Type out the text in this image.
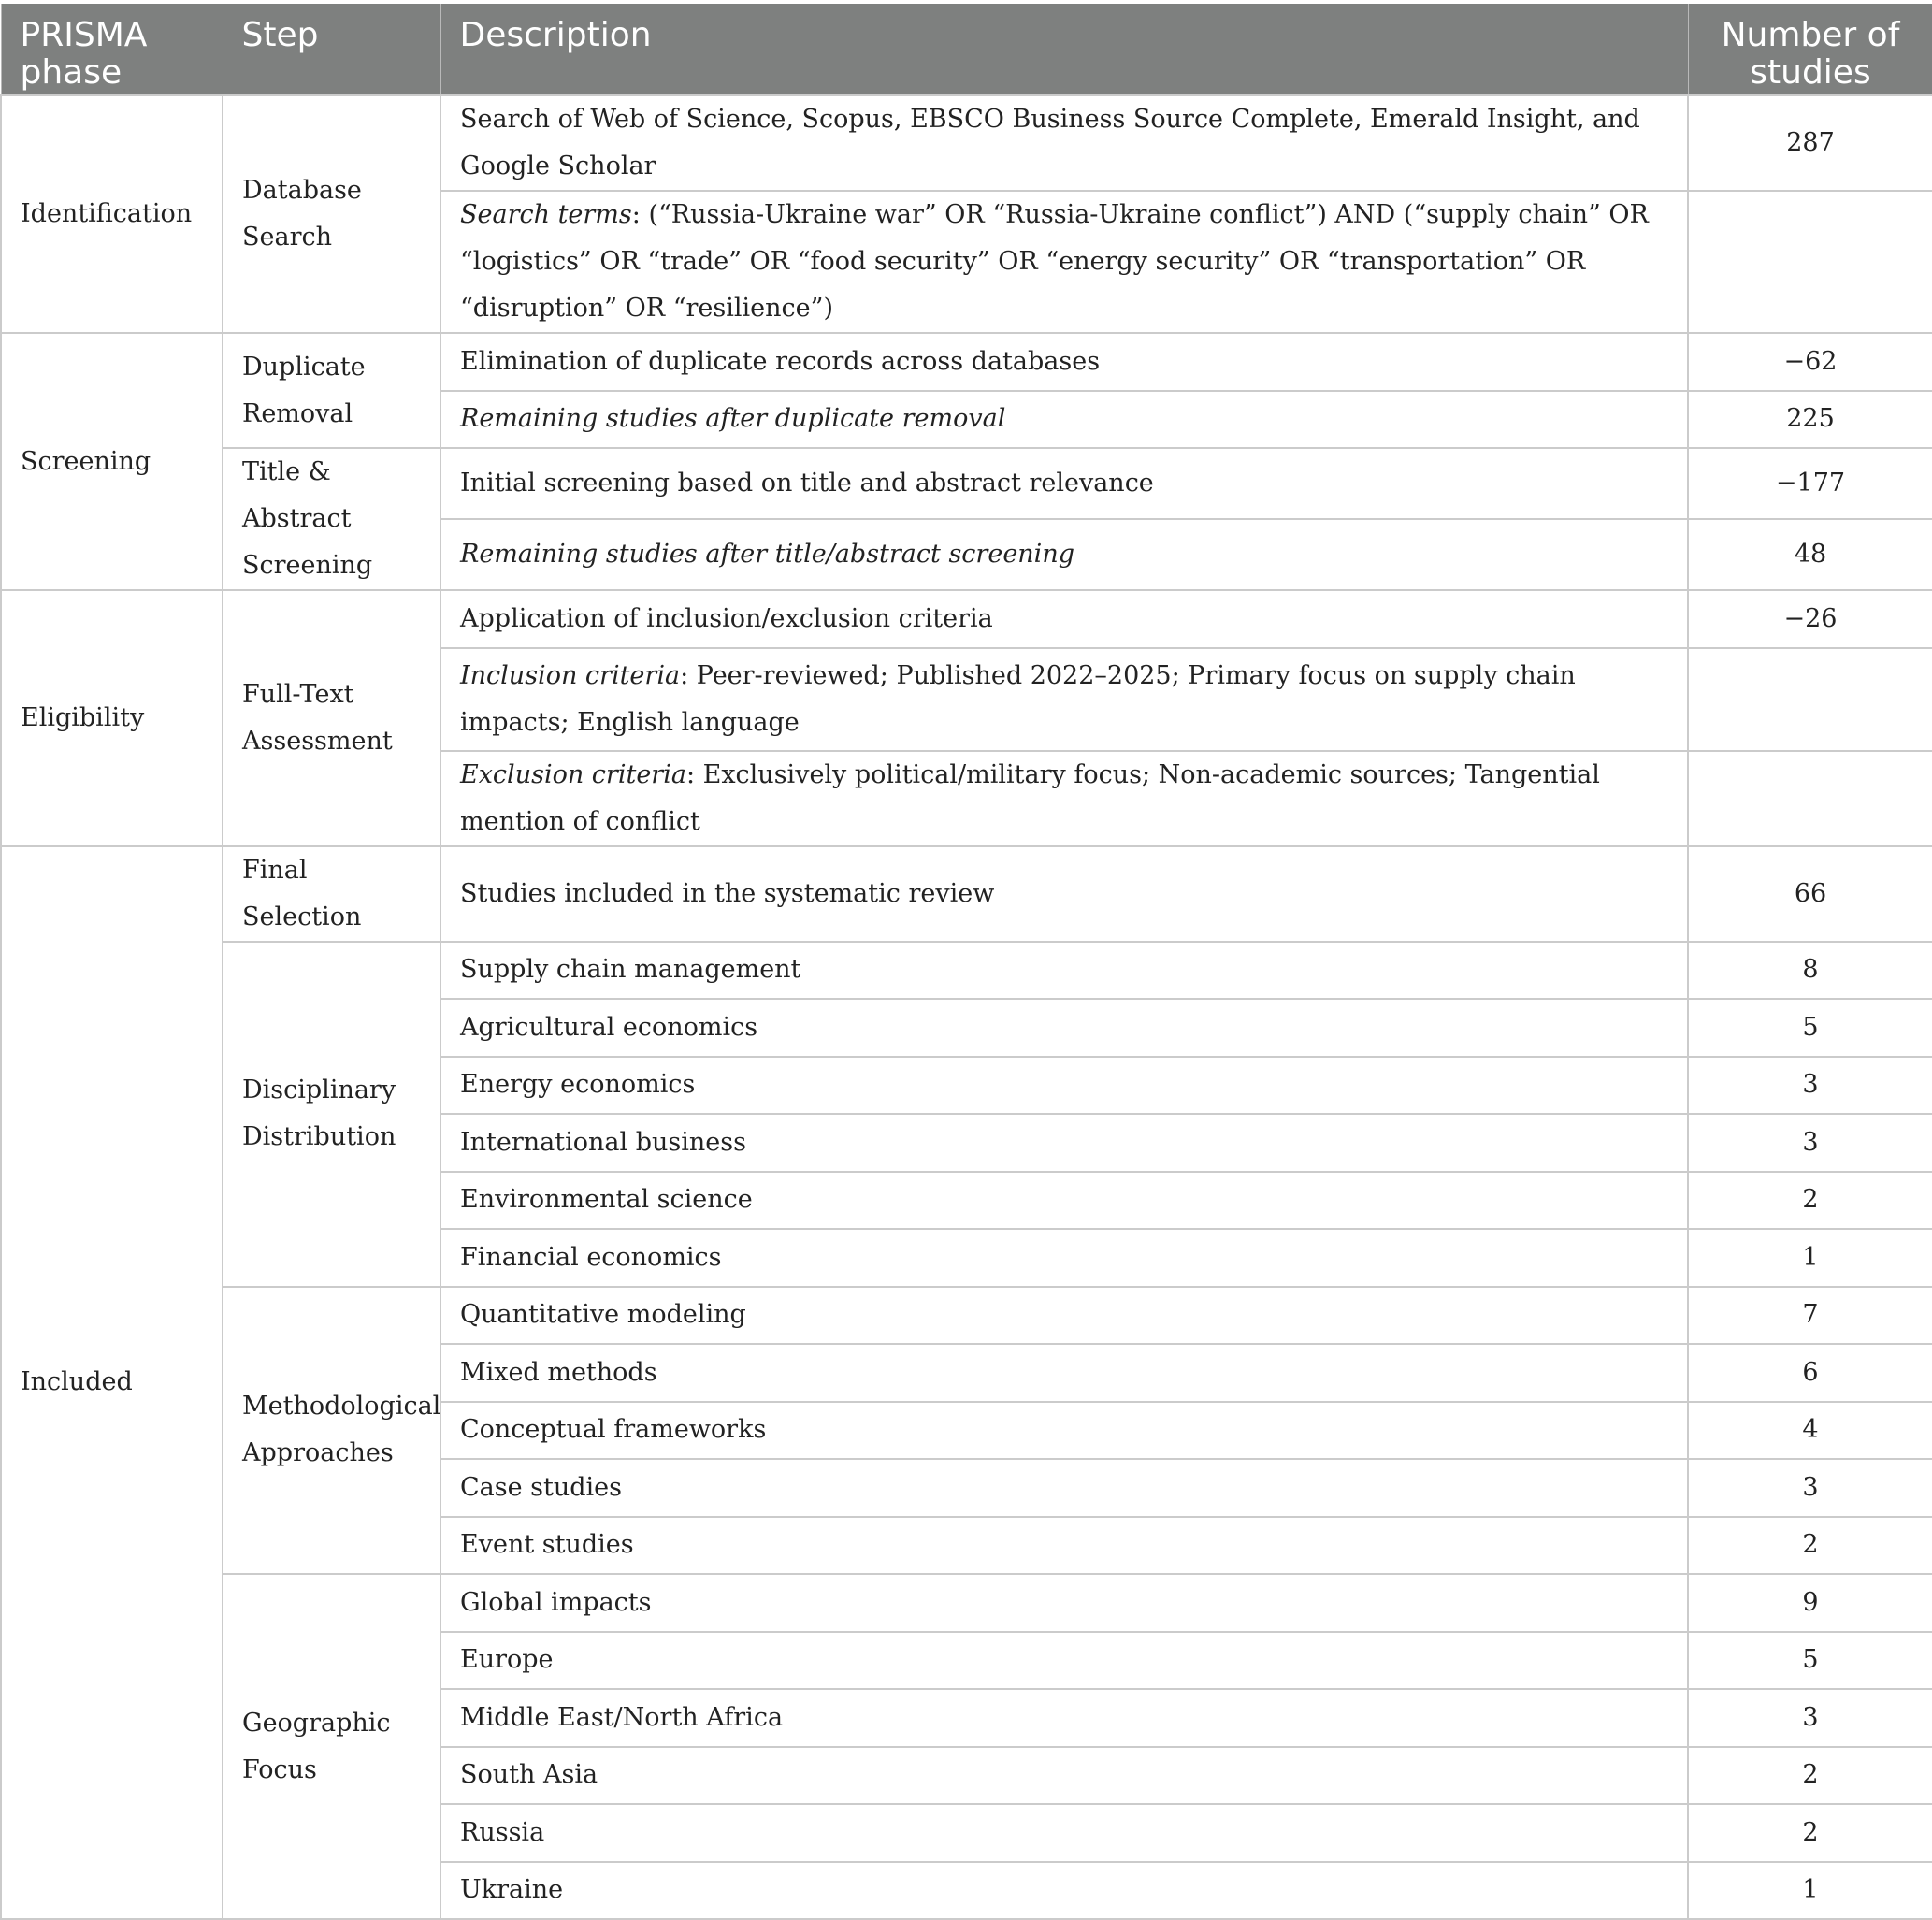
PRISMA phase	Step	Description	Number of studies
Identification	Database Search	Search of Web of Science, Scopus, EBSCO Business Source Complete, Emerald Insight, and Google Scholar	287
		Search terms: (“Russia-Ukraine war” OR “Russia-Ukraine conflict”) AND (“supply chain” OR “logistics” OR “trade” OR “food security” OR “energy security” OR “transportation” OR “disruption” OR “resilience”)	
Screening	Duplicate Removal	Elimination of duplicate records across databases	−62
		Remaining studies after duplicate removal	225
	Title & Abstract Screening	Initial screening based on title and abstract relevance	−177
		Remaining studies after title/abstract screening	48
Eligibility	Full-Text Assessment	Application of inclusion/exclusion criteria	−26
		Inclusion criteria: Peer-reviewed; Published 2022–2025; Primary focus on supply chain impacts; English language	
		Exclusion criteria: Exclusively political/military focus; Non-academic sources; Tangential mention of conflict	
Included	Final Selection	Studies included in the systematic review	66
	Disciplinary Distribution	Supply chain management	8
		Agricultural economics	5
		Energy economics	3
		International business	3
		Environmental science	2
		Financial economics	1
	Methodological Approaches	Quantitative modeling	7
		Mixed methods	6
		Conceptual frameworks	4
		Case studies	3
		Event studies	2
	Geographic Focus	Global impacts	9
		Europe	5
		Middle East/North Africa	3
		South Asia	2
		Russia	2
		Ukraine	1
